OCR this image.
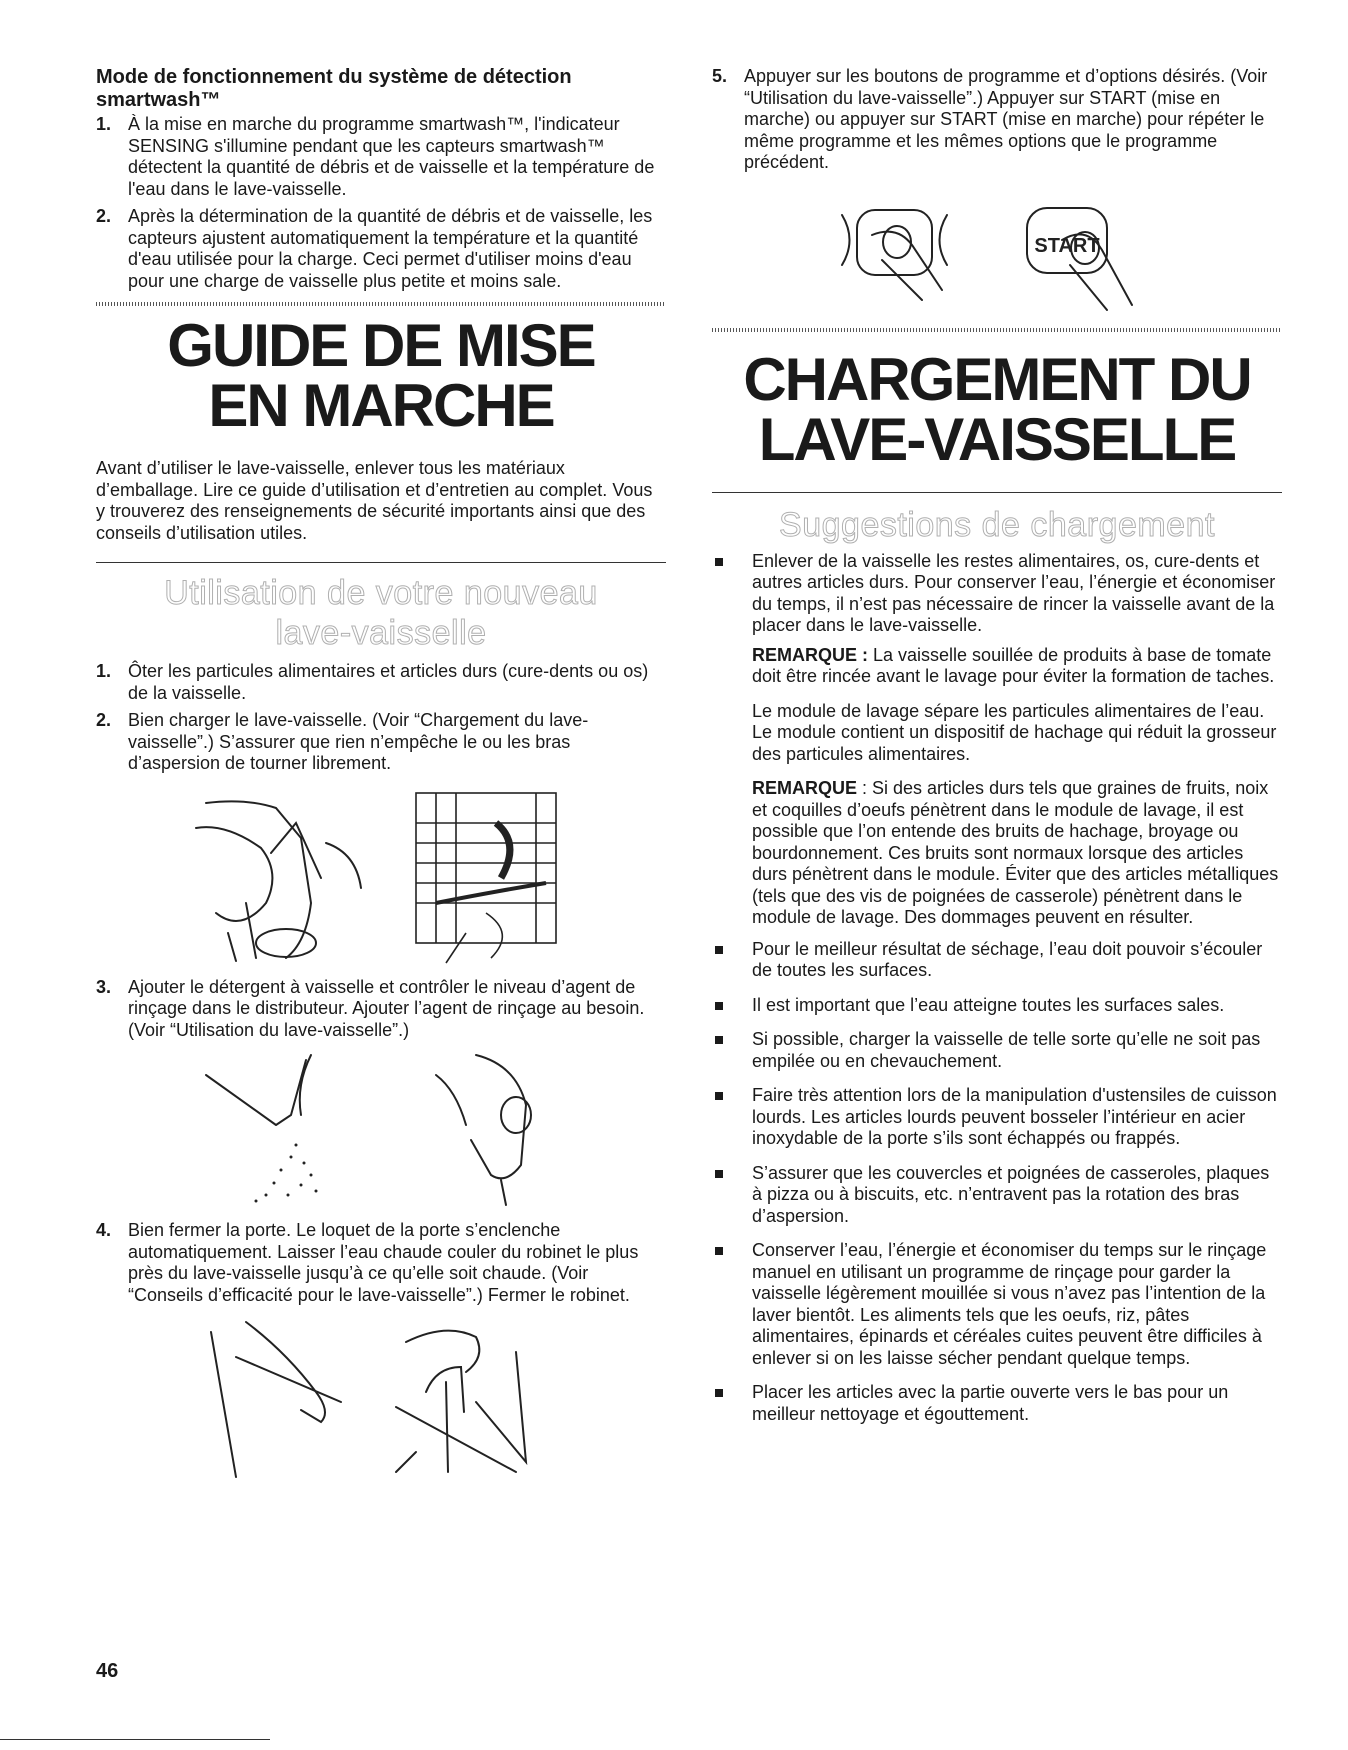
Mode de fonctionnement du système de détection smartwash™
1. À la mise en marche du programme smartwash™, l'indicateur SENSING s'illumine pendant que les capteurs smartwash™ détectent la quantité de débris et de vaisselle et la température de l'eau dans le lave-vaisselle.
2. Après la détermination de la quantité de débris et de vaisselle, les capteurs ajustent automatiquement la température et la quantité d'eau utilisée pour la charge. Ceci permet d'utiliser moins d'eau pour une charge de vaisselle plus petite et moins sale.
GUIDE DE MISE
EN MARCHE

Avant d’utiliser le lave-vaisselle, enlever tous les matériaux d’emballage. Lire ce guide d’utilisation et d’entretien au complet. Vous y trouverez des renseignements de sécurité importants ainsi que des conseils d’utilisation utiles.

Utilisation de votre nouveau
lave-vaisselle
1. Ôter les particules alimentaires et articles durs (cure-dents ou os) de la vaisselle.
2. Bien charger le lave-vaisselle. (Voir “Chargement du lave-vaisselle”.) S’assurer que rien n’empêche le ou les bras d’aspersion de tourner librement.
3. Ajouter le détergent à vaisselle et contrôler le niveau d’agent de rinçage dans le distributeur. Ajouter l’agent de rinçage au besoin. (Voir “Utilisation du lave-vaisselle”.)
4. Bien fermer la porte. Le loquet de la porte s’enclenche automatiquement. Laisser l’eau chaude couler du robinet le plus près du lave-vaisselle jusqu’à ce qu’elle soit chaude. (Voir “Conseils d’efficacité pour le lave-vaisselle”.) Fermer le robinet.
5. Appuyer sur les boutons de programme et d’options désirés. (Voir “Utilisation du lave-vaisselle”.) Appuyer sur START (mise en marche) ou appuyer sur START (mise en marche) pour répéter le même programme et les mêmes options que le programme précédent.
START
CHARGEMENT DU
LAVE-VAISSELLE
Suggestions de chargement
Enlever de la vaisselle les restes alimentaires, os, cure-dents et autres articles durs. Pour conserver l’eau, l’énergie et économiser du temps, il n’est pas nécessaire de rincer la vaisselle avant de la placer dans le lave-vaisselle.

REMARQUE : La vaisselle souillée de produits à base de tomate doit être rincée avant le lavage pour éviter la formation de taches.

Le module de lavage sépare les particules alimentaires de l’eau. Le module contient un dispositif de hachage qui réduit la grosseur des particules alimentaires.

REMARQUE : Si des articles durs tels que graines de fruits, noix et coquilles d’oeufs pénètrent dans le module de lavage, il est possible que l’on entende des bruits de hachage, broyage ou bourdonnement. Ces bruits sont normaux lorsque des articles durs pénètrent dans le module. Éviter que des articles métalliques (tels que des vis de poignées de casserole) pénètrent dans le module de lavage. Des dommages peuvent en résulter.

Pour le meilleur résultat de séchage, l’eau doit pouvoir s’écouler de toutes les surfaces.
Il est important que l’eau atteigne toutes les surfaces sales.
Si possible, charger la vaisselle de telle sorte qu’elle ne soit pas empilée ou en chevauchement.
Faire très attention lors de la manipulation d'ustensiles de cuisson lourds. Les articles lourds peuvent bosseler l’intérieur en acier inoxydable de la porte s’ils sont échappés ou frappés.
S’assurer que les couvercles et poignées de casseroles, plaques à pizza ou à biscuits, etc. n’entravent pas la rotation des bras d’aspersion.
Conserver l’eau, l’énergie et économiser du temps sur le rinçage manuel en utilisant un programme de rinçage pour garder la vaisselle légèrement mouillée si vous n’avez pas l’intention de la laver bientôt. Les aliments tels que les oeufs, riz, pâtes alimentaires, épinards et céréales cuites peuvent être difficiles à enlever si on les laisse sécher pendant quelque temps.
Placer les articles avec la partie ouverte vers le bas pour un meilleur nettoyage et égouttement.
46
